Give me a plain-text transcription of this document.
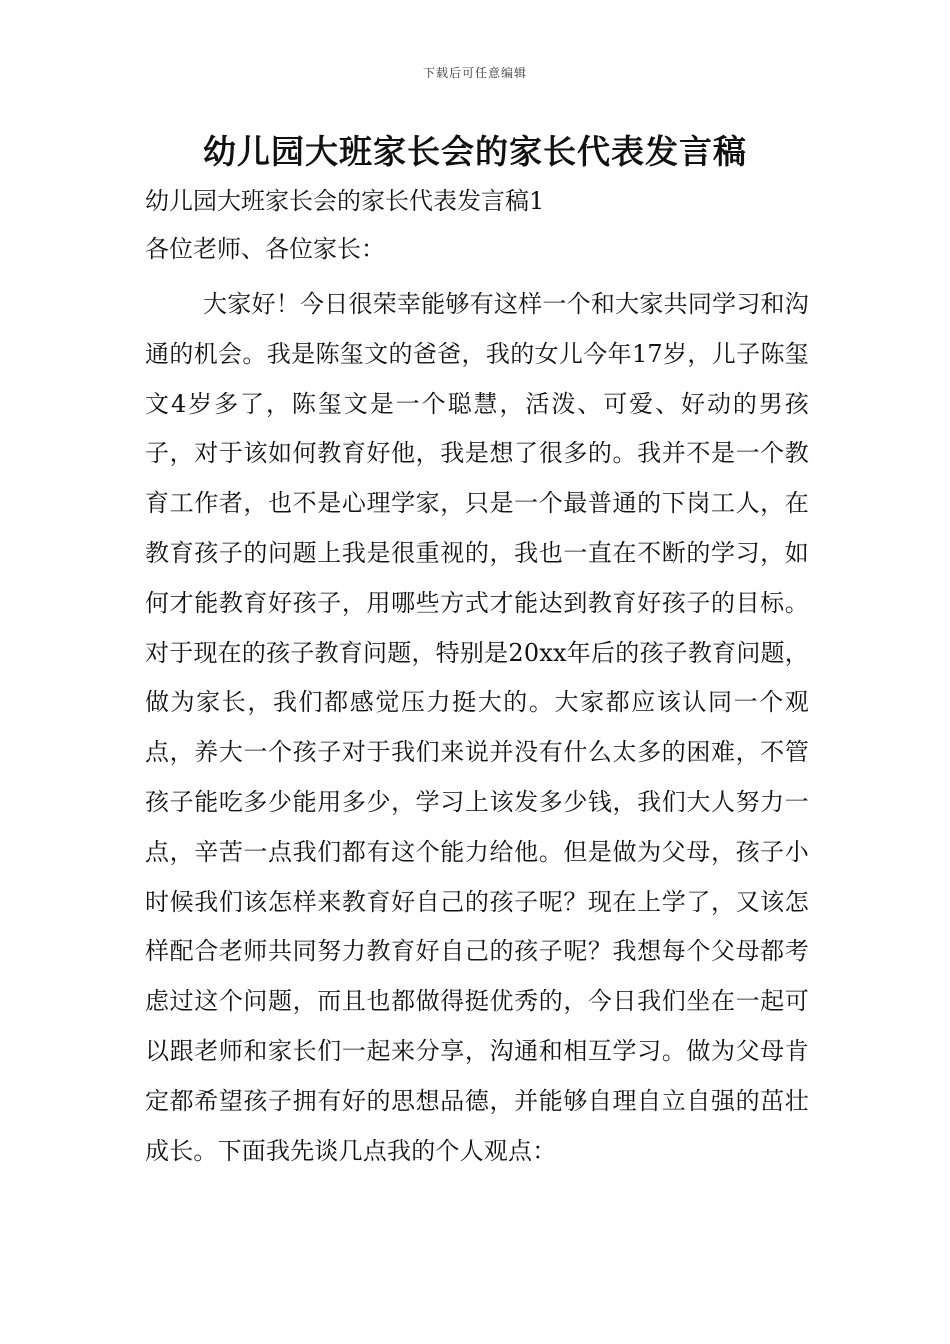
下载后可任意编辑
幼儿园大班家长会的家长代表发言稿
幼儿园大班家长会的家长代表发言稿1
各位老师、各位家长：
大家好！今日很荣幸能够有这样一个和大家共同学习和沟通的机会。我是陈玺文的爸爸，我的女儿今年17岁，儿子陈玺文4岁多了，陈玺文是一个聪慧，活泼、可爱、好动的男孩子，对于该如何教育好他，我是想了很多的。我并不是一个教育工作者，也不是心理学家，只是一个最普通的下岗工人，在教育孩子的问题上我是很重视的，我也一直在不断的学习，如何才能教育好孩子，用哪些方式才能达到教育好孩子的目标。对于现在的孩子教育问题，特别是20xx年后的孩子教育问题，做为家长，我们都感觉压力挺大的。大家都应该认同一个观点，养大一个孩子对于我们来说并没有什么太多的困难，不管孩子能吃多少能用多少，学习上该发多少钱，我们大人努力一点，辛苦一点我们都有这个能力给他。但是做为父母，孩子小时候我们该怎样来教育好自己的孩子呢？现在上学了，又该怎样配合老师共同努力教育好自己的孩子呢？我想每个父母都考虑过这个问题，而且也都做得挺优秀的，今日我们坐在一起可以跟老师和家长们一起来分享，沟通和相互学习。做为父母肯定都希望孩子拥有好的思想品德，并能够自理自立自强的茁壮成长。下面我先谈几点我的个人观点：
